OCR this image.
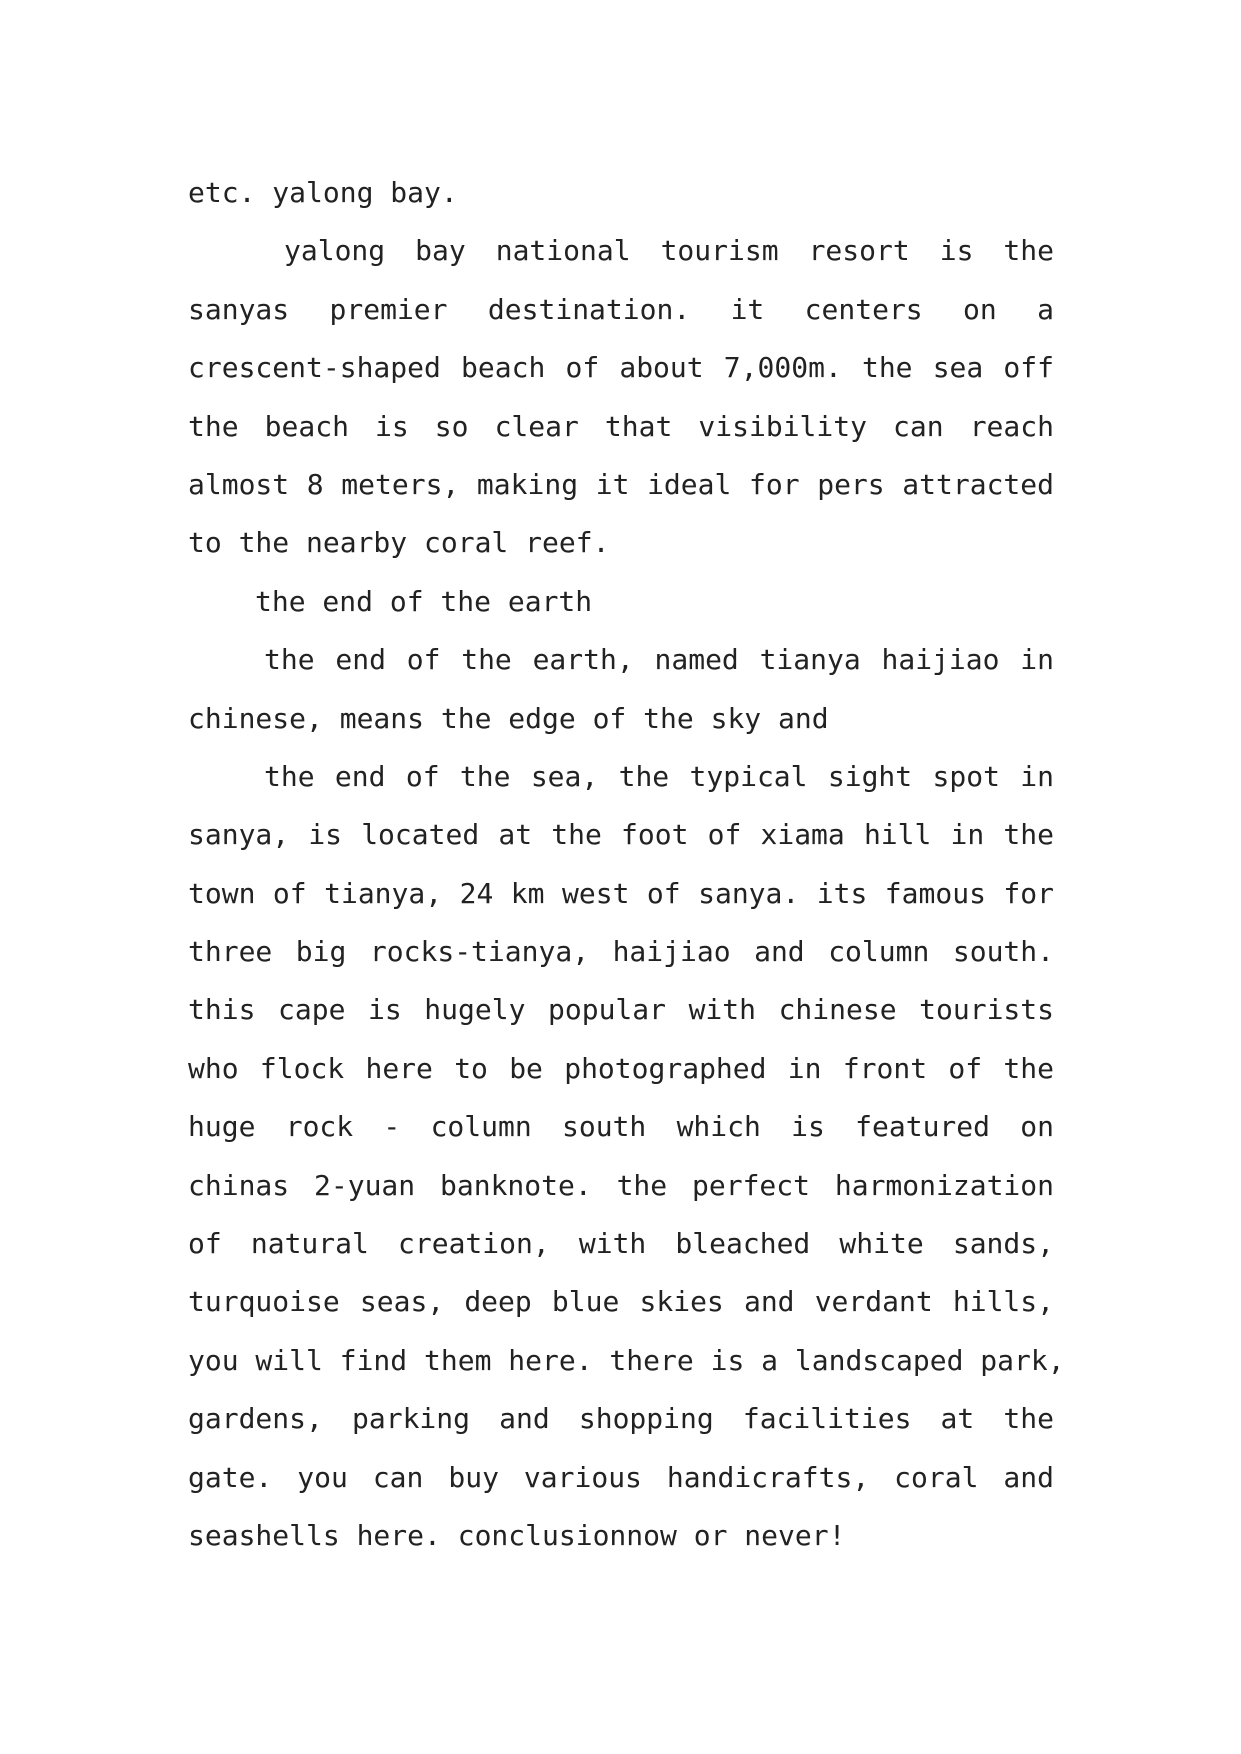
etc. yalong bay.
yalong bay national tourism resort is the
sanyas premier destination. it centers on a
crescent-shaped beach of about 7,000m. the sea off
the beach is so clear that visibility can reach
almost 8 meters, making it ideal for pers attracted
to the nearby coral reef.
the end of the earth
the end of the earth, named tianya haijiao in
chinese, means the edge of the sky and
the end of the sea, the typical sight spot in
sanya, is located at the foot of xiama hill in the
town of tianya, 24 km west of sanya. its famous for
three big rocks-tianya, haijiao and column south.
this cape is hugely popular with chinese tourists
who flock here to be photographed in front of the
huge rock - column south which is featured on
chinas 2-yuan banknote. the perfect harmonization
of natural creation, with bleached white sands,
turquoise seas, deep blue skies and verdant hills,
you will find them here. there is a landscaped park,
gardens, parking and shopping facilities at the
gate. you can buy various handicrafts, coral and
seashells here. conclusionnow or never!
